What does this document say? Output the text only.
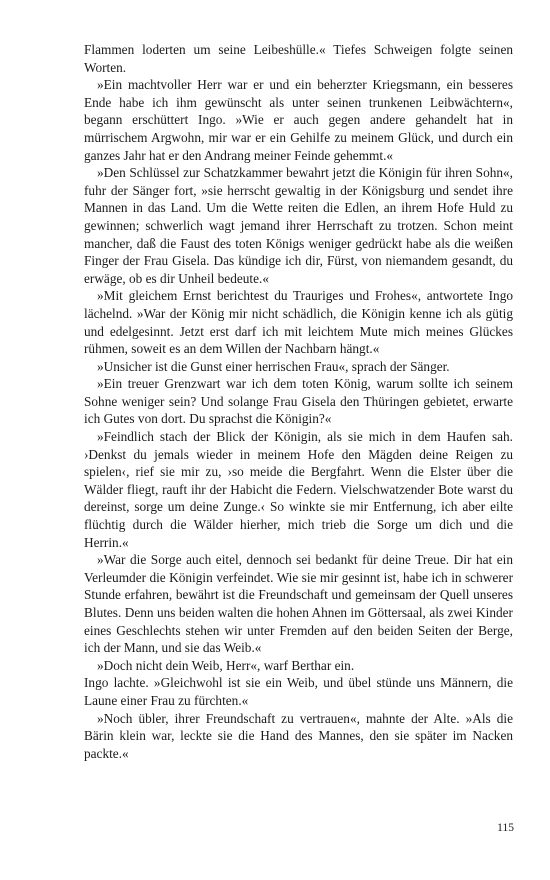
Flammen loderten um seine Leibeshülle.« Tiefes Schweigen folgte seinen Worten.

»Ein machtvoller Herr war er und ein beherzter Kriegsmann, ein besseres Ende habe ich ihm gewünscht als unter seinen trunkenen Leibwächtern«, begann erschüttert Ingo. »Wie er auch gegen andere gehandelt hat in mürrischem Argwohn, mir war er ein Gehilfe zu meinem Glück, und durch ein ganzes Jahr hat er den Andrang meiner Feinde gehemmt.«

»Den Schlüssel zur Schatzkammer bewahrt jetzt die Königin für ihren Sohn«, fuhr der Sänger fort, »sie herrscht gewaltig in der Königsburg und sendet ihre Mannen in das Land. Um die Wette reiten die Edlen, an ihrem Hofe Huld zu gewinnen; schwerlich wagt jemand ihrer Herrschaft zu trotzen. Schon meint mancher, daß die Faust des toten Königs weniger gedrückt habe als die weißen Finger der Frau Gisela. Das kündige ich dir, Fürst, von niemandem gesandt, du erwäge, ob es dir Unheil bedeute.«

»Mit gleichem Ernst berichtest du Trauriges und Frohes«, antwortete Ingo lächelnd. »War der König mir nicht schädlich, die Königin kenne ich als gütig und edelgesinnt. Jetzt erst darf ich mit leichtem Mute mich meines Glückes rühmen, soweit es an dem Willen der Nachbarn hängt.«

»Unsicher ist die Gunst einer herrischen Frau«, sprach der Sänger.

»Ein treuer Grenzwart war ich dem toten König, warum sollte ich seinem Sohne weniger sein? Und solange Frau Gisela den Thüringen gebietet, erwarte ich Gutes von dort. Du sprachst die Königin?«

»Feindlich stach der Blick der Königin, als sie mich in dem Haufen sah. ›Denkst du jemals wieder in meinem Hofe den Mägden deine Reigen zu spielen‹, rief sie mir zu, ›so meide die Bergfahrt. Wenn die Elster über die Wälder fliegt, rauft ihr der Habicht die Federn. Vielschwatzender Bote warst du dereinst, sorge um deine Zunge.‹ So winkte sie mir Entfernung, ich aber eilte flüchtig durch die Wälder hierher, mich trieb die Sorge um dich und die Herrin.«

»War die Sorge auch eitel, dennoch sei bedankt für deine Treue. Dir hat ein Verleumder die Königin verfeindet. Wie sie mir gesinnt ist, habe ich in schwerer Stunde erfahren, bewährt ist die Freundschaft und gemeinsam der Quell unseres Blutes. Denn uns beiden walten die hohen Ahnen im Göttersaal, als zwei Kinder eines Geschlechts stehen wir unter Fremden auf den beiden Seiten der Berge, ich der Mann, und sie das Weib.«

»Doch nicht dein Weib, Herr«, warf Berthar ein.

Ingo lachte. »Gleichwohl ist sie ein Weib, und übel stünde uns Männern, die Laune einer Frau zu fürchten.«

»Noch übler, ihrer Freundschaft zu vertrauen«, mahnte der Alte. »Als die Bärin klein war, leckte sie die Hand des Mannes, den sie später im Nacken packte.«

115
